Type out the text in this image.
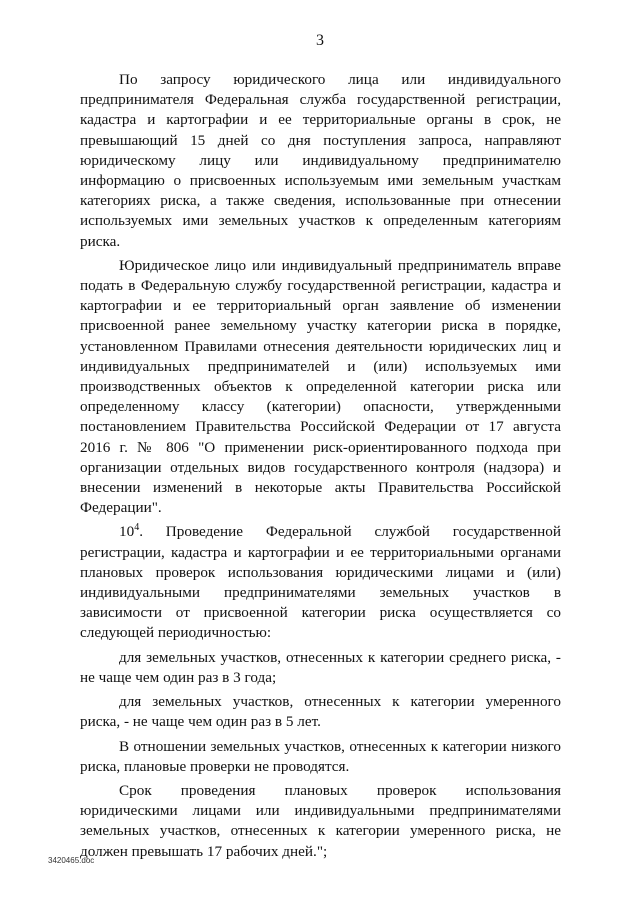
3

По запросу юридического лица или индивидуального предпринимателя Федеральная служба государственной регистрации, кадастра и картографии и ее территориальные органы в срок, не превышающий 15 дней со дня поступления запроса, направляют юридическому лицу или индивидуальному предпринимателю информацию о присвоенных используемым ими земельным участкам категориях риска, а также сведения, использованные при отнесении используемых ими земельных участков к определенным категориям риска.

Юридическое лицо или индивидуальный предприниматель вправе подать в Федеральную службу государственной регистрации, кадастра и картографии и ее территориальный орган заявление об изменении присвоенной ранее земельному участку категории риска в порядке, установленном Правилами отнесения деятельности юридических лиц и индивидуальных предпринимателей и (или) используемых ими производственных объектов к определенной категории риска или определенному классу (категории) опасности, утвержденными постановлением Правительства Российской Федерации от 17 августа 2016 г. № 806 "О применении риск-ориентированного подхода при организации отдельных видов государственного контроля (надзора) и внесении изменений в некоторые акты Правительства Российской Федерации".

$10^4$. Проведение Федеральной службой государственной регистрации, кадастра и картографии и ее территориальными органами плановых проверок использования юридическими лицами и (или) индивидуальными предпринимателями земельных участков в зависимости от присвоенной категории риска осуществляется со следующей периодичностью:

для земельных участков, отнесенных к категории среднего риска, - не чаще чем один раз в 3 года;

для земельных участков, отнесенных к категории умеренного риска, - не чаще чем один раз в 5 лет.

В отношении земельных участков, отнесенных к категории низкого риска, плановые проверки не проводятся.

Срок проведения плановых проверок использования юридическими лицами или индивидуальными предпринимателями земельных участков, отнесенных к категории умеренного риска, не должен превышать 17 рабочих дней.";

3420465.doc
